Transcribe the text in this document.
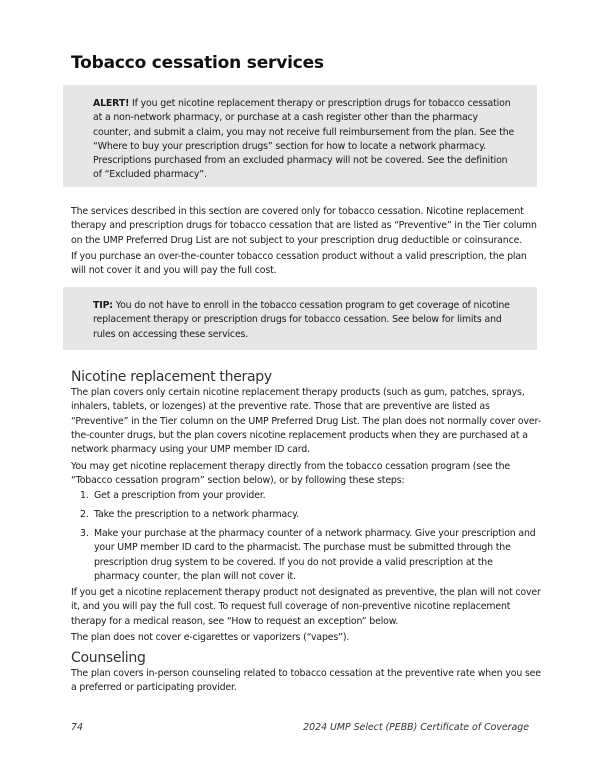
Tobacco cessation services

ALERT! If you get nicotine replacement therapy or prescription drugs for tobacco cessation at a non-network pharmacy, or purchase at a cash register other than the pharmacy counter, and submit a claim, you may not receive full reimbursement from the plan. See the “Where to buy your prescription drugs” section for how to locate a network pharmacy. Prescriptions purchased from an excluded pharmacy will not be covered. See the definition of “Excluded pharmacy”.

The services described in this section are covered only for tobacco cessation. Nicotine replacement therapy and prescription drugs for tobacco cessation that are listed as “Preventive” in the Tier column on the UMP Preferred Drug List are not subject to your prescription drug deductible or coinsurance.

If you purchase an over-the-counter tobacco cessation product without a valid prescription, the plan will not cover it and you will pay the full cost.

TIP: You do not have to enroll in the tobacco cessation program to get coverage of nicotine replacement therapy or prescription drugs for tobacco cessation. See below for limits and rules on accessing these services.

Nicotine replacement therapy

The plan covers only certain nicotine replacement therapy products (such as gum, patches, sprays, inhalers, tablets, or lozenges) at the preventive rate. Those that are preventive are listed as “Preventive” in the Tier column on the UMP Preferred Drug List. The plan does not normally cover over-the-counter drugs, but the plan covers nicotine replacement products when they are purchased at a network pharmacy using your UMP member ID card.

You may get nicotine replacement therapy directly from the tobacco cessation program (see the “Tobacco cessation program” section below), or by following these steps:

1. Get a prescription from your provider.
2. Take the prescription to a network pharmacy.
3. Make your purchase at the pharmacy counter of a network pharmacy. Give your prescription and your UMP member ID card to the pharmacist. The purchase must be submitted through the prescription drug system to be covered. If you do not provide a valid prescription at the pharmacy counter, the plan will not cover it.

If you get a nicotine replacement therapy product not designated as preventive, the plan will not cover it, and you will pay the full cost. To request full coverage of non-preventive nicotine replacement therapy for a medical reason, see “How to request an exception” below.

The plan does not cover e-cigarettes or vaporizers (“vapes”).

Counseling

The plan covers in-person counseling related to tobacco cessation at the preventive rate when you see a preferred or participating provider.

74	2024 UMP Select (PEBB) Certificate of Coverage
